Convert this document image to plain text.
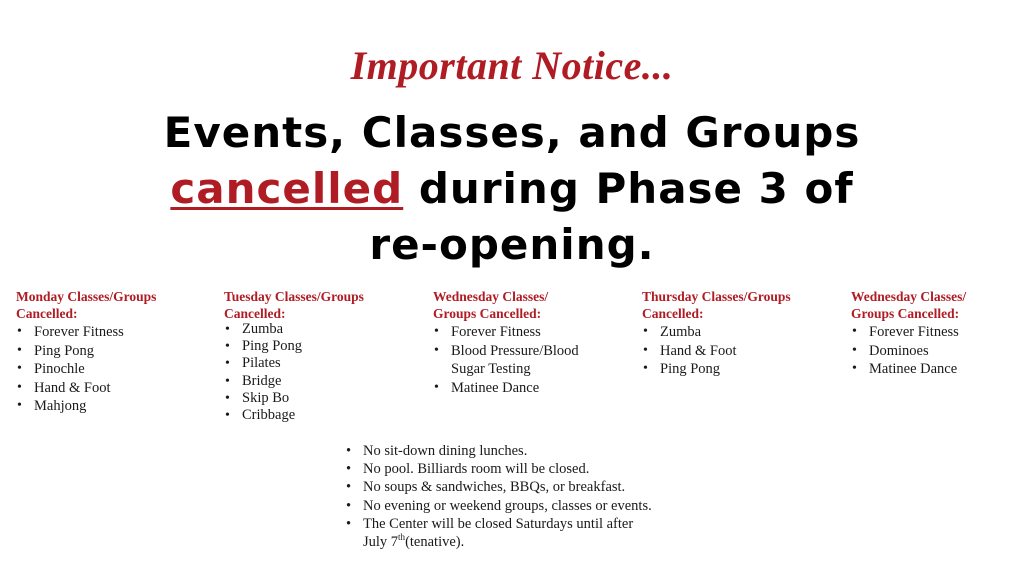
Important Notice...
Events, Classes, and Groups
cancelled during Phase 3 of
re-opening.
Monday Classes/Groups
Cancelled:
• Forever Fitness
• Ping Pong
• Pinochle
• Hand & Foot
• Mahjong
Tuesday Classes/Groups
Cancelled:
• Zumba
• Ping Pong
• Pilates
• Bridge
• Skip Bo
• Cribbage
Wednesday Classes/
Groups Cancelled:
• Forever Fitness
• Blood Pressure/Blood Sugar Testing
• Matinee Dance
Thursday Classes/Groups
Cancelled:
• Zumba
• Hand & Foot
• Ping Pong
Wednesday Classes/
Groups Cancelled:
• Forever Fitness
• Dominoes
• Matinee Dance
• No sit-down dining lunches.
• No pool. Billiards room will be closed.
• No soups & sandwiches, BBQs, or breakfast.
• No evening or weekend groups, classes or events.
• The Center will be closed Saturdays until after
July 7th(tenative).
